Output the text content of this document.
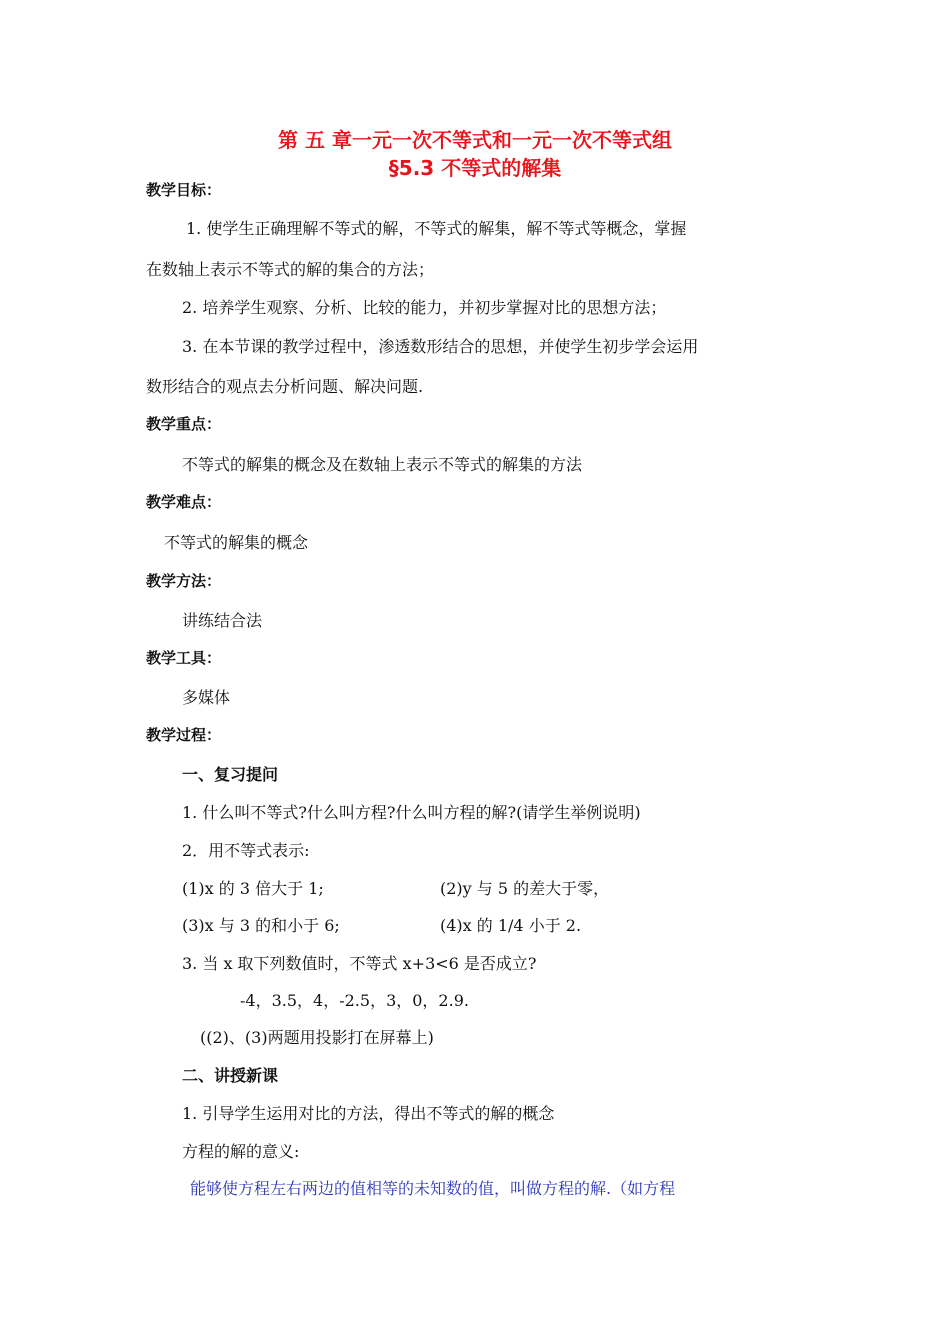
第 五 章一元一次不等式和一元一次不等式组
§5.3 不等式的解集
教学目标：
1. 使学生正确理解不等式的解，不等式的解集，解不等式等概念，掌握
在数轴上表示不等式的解的集合的方法；
2. 培养学生观察、分析、比较的能力，并初步掌握对比的思想方法；
3. 在本节课的教学过程中，渗透数形结合的思想，并使学生初步学会运用
数形结合的观点去分析问题、解决问题.
教学重点：
不等式的解集的概念及在数轴上表示不等式的解集的方法
教学难点：
不等式的解集的概念
教学方法：
讲练结合法
教学工具：
多媒体
教学过程：
一、复习提问
1. 什么叫不等式?什么叫方程?什么叫方程的解?(请学生举例说明)
2．用不等式表示:
(1)x 的 3 倍大于 1;	(2)y 与 5 的差大于零，
(3)x 与 3 的和小于 6;	(4)x 的 1/4 小于 2.
3. 当 x 取下列数值时，不等式 x+3<6 是否成立?
-4，3.5，4，-2.5，3，0，2.9.
((2)、(3)两题用投影打在屏幕上)
二、讲授新课
1. 引导学生运用对比的方法，得出不等式的解的概念
方程的解的意义:
能够使方程左右两边的值相等的未知数的值，叫做方程的解.（如方程
